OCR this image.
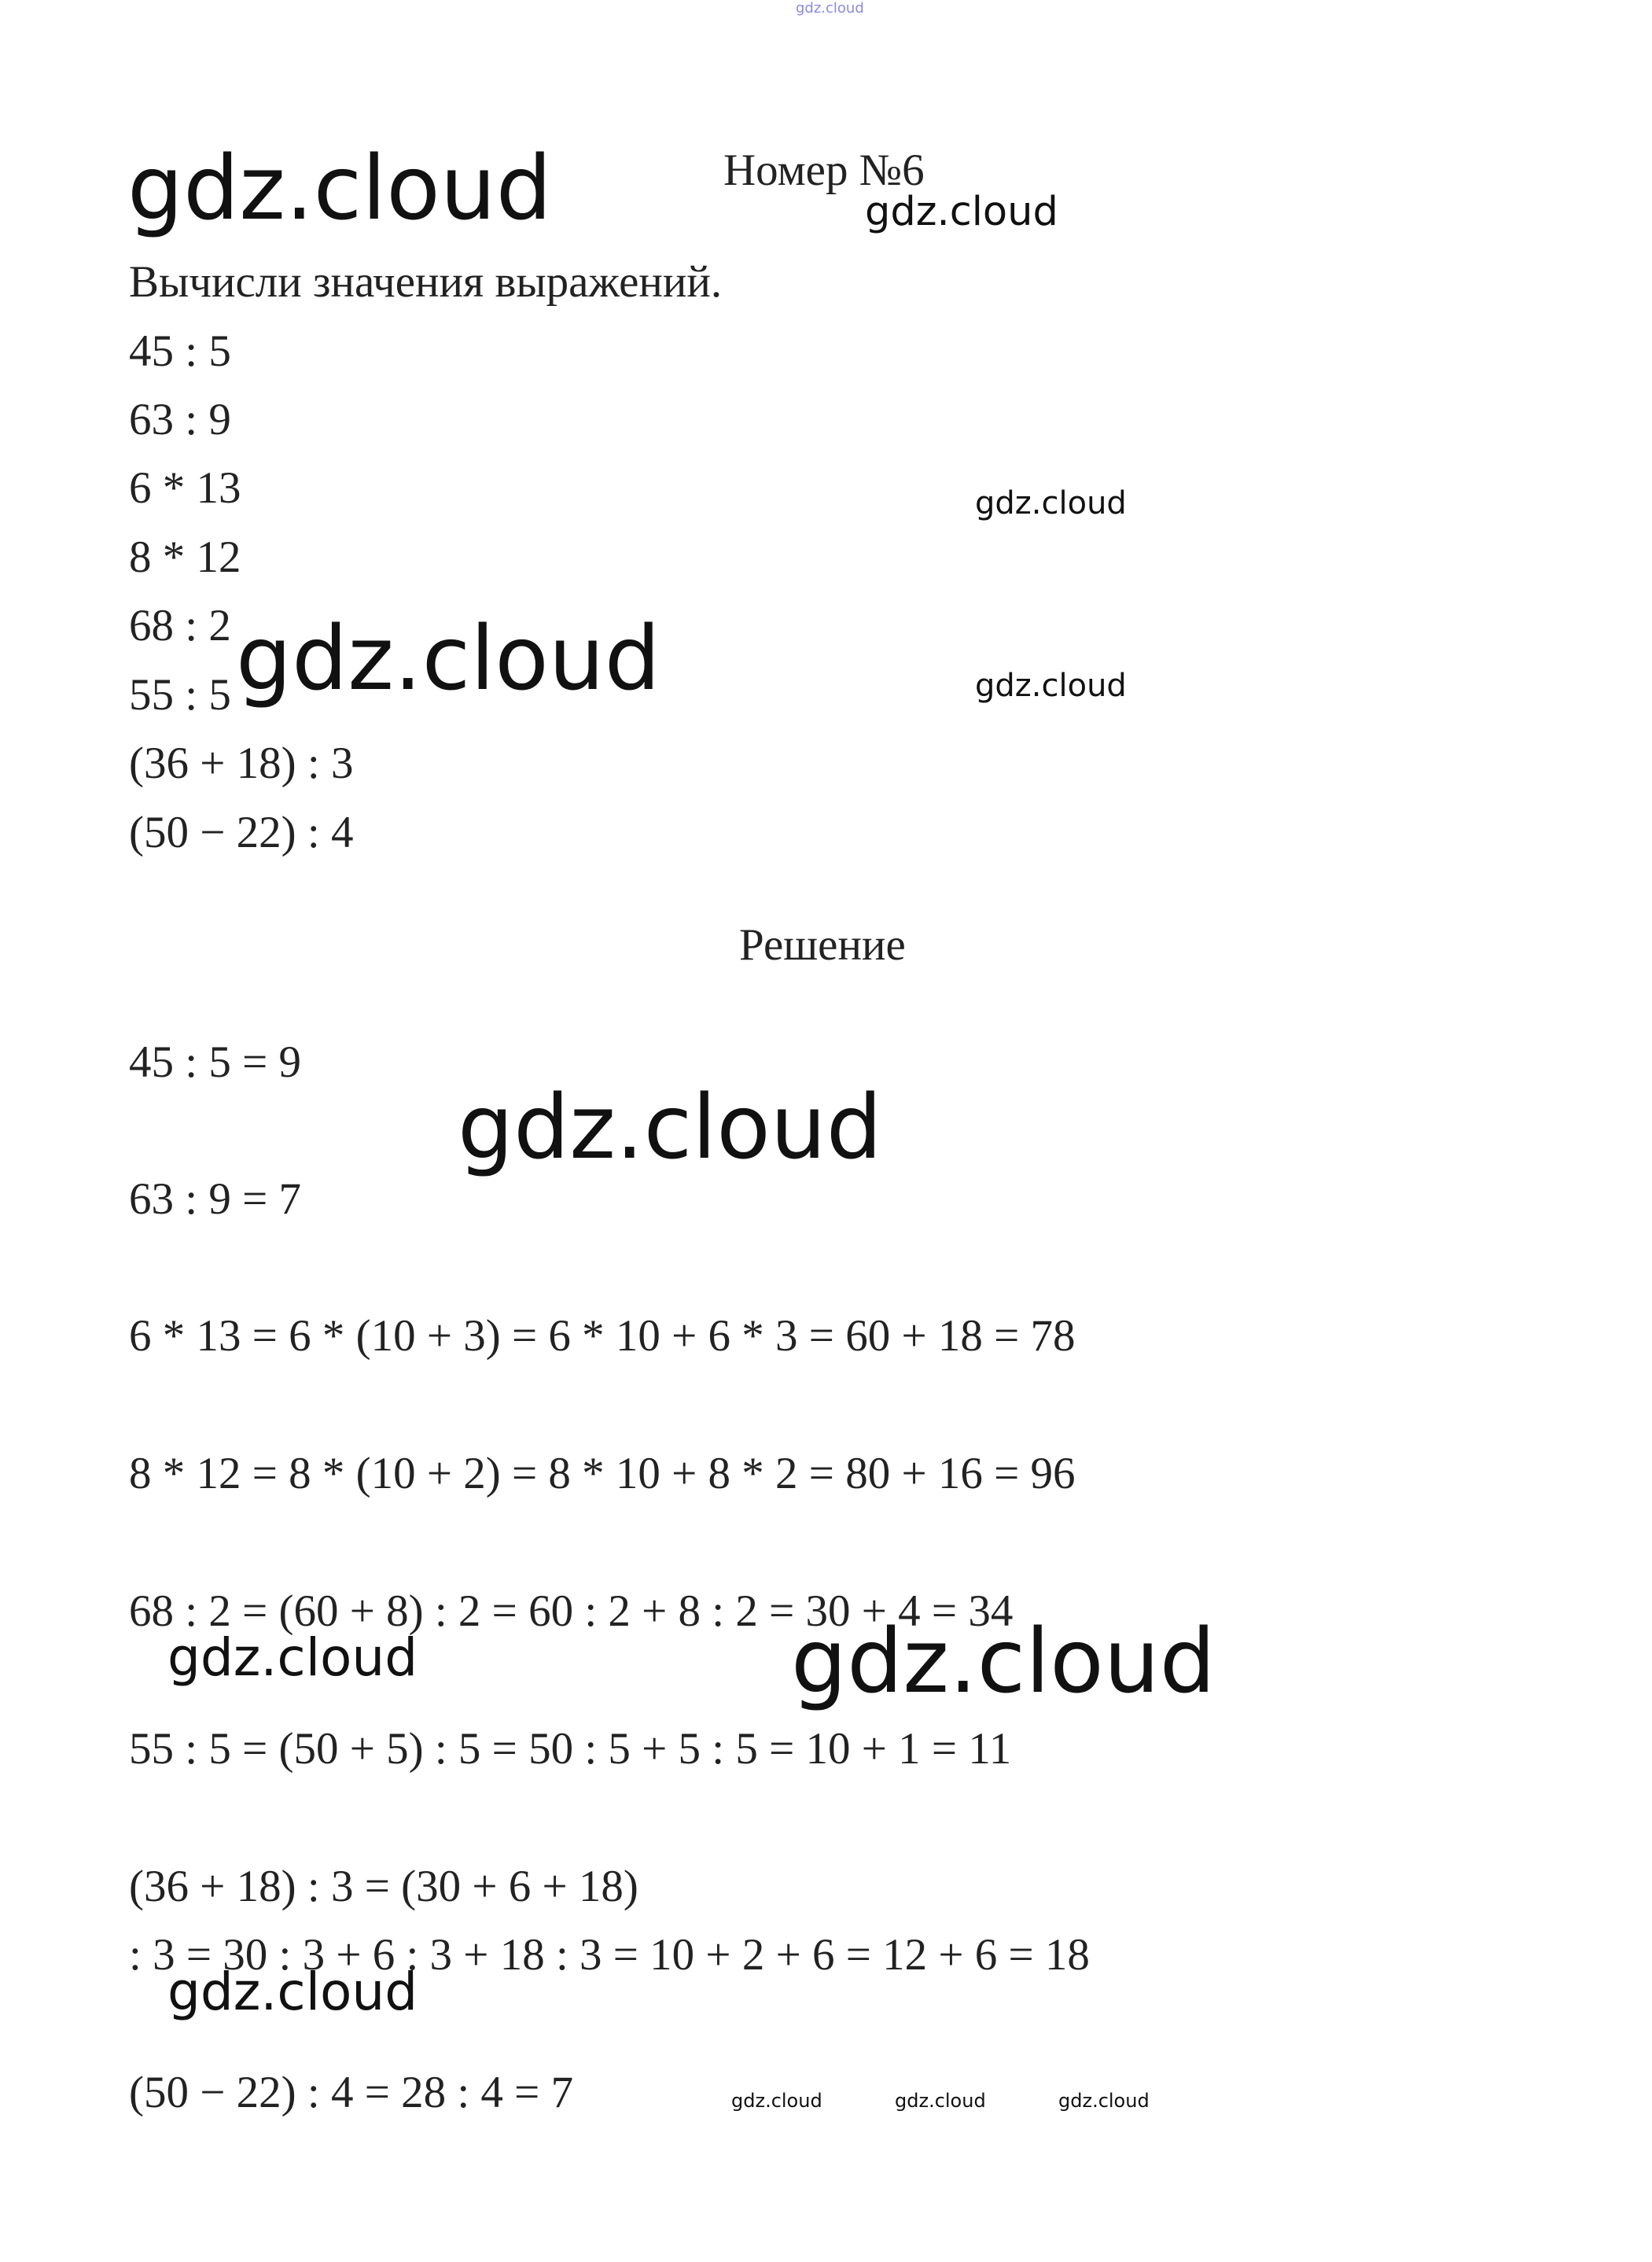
gdz.cloud
gdz.cloud	Номер №6
gdz.cloud
Вычисли значения выражений.
45 : 5
63 : 9
6 * 13
8 * 12
68 : 2
55 : 5
(36 + 18) : 3
(50 − 22) : 4
gdz.cloud
gdz.cloud
gdz.cloud
Решение
45 : 5 = 9
gdz.cloud
63 : 9 = 7
6 * 13 = 6 * (10 + 3) = 6 * 10 + 6 * 3 = 60 + 18 = 78
8 * 12 = 8 * (10 + 2) = 8 * 10 + 8 * 2 = 80 + 16 = 96
68 : 2 = (60 + 8) : 2 = 60 : 2 + 8 : 2 = 30 + 4 = 34
gdz.cloud	gdz.cloud
55 : 5 = (50 + 5) : 5 = 50 : 5 + 5 : 5 = 10 + 1 = 11
(36 + 18) : 3 = (30 + 6 + 18)
: 3 = 30 : 3 + 6 : 3 + 18 : 3 = 10 + 2 + 6 = 12 + 6 = 18
gdz.cloud
(50 − 22) : 4 = 28 : 4 = 7	gdz.cloud	gdz.cloud	gdz.cloud
